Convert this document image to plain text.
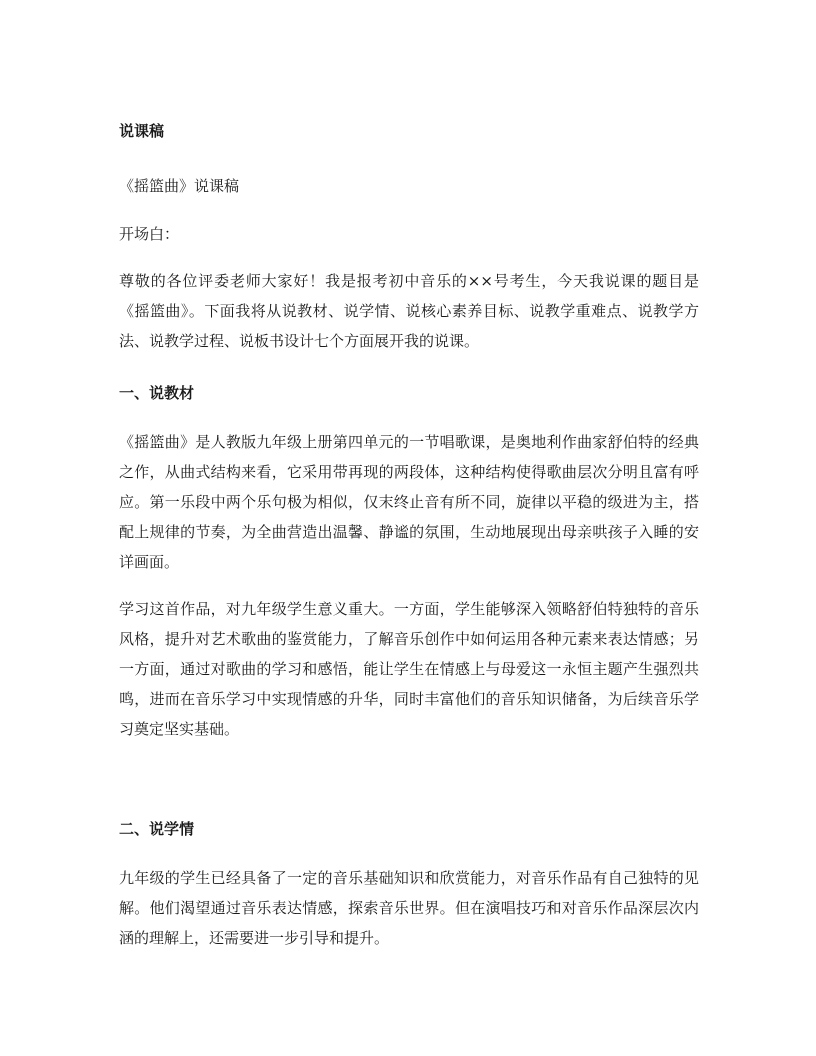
说课稿

《摇篮曲》说课稿

开场白：

尊敬的各位评委老师大家好！我是报考初中音乐的××号考生，今天我说课的题目是《摇篮曲》。下面我将从说教材、说学情、说核心素养目标、说教学重难点、说教学方法、说教学过程、说板书设计七个方面展开我的说课。

一、说教材

《摇篮曲》是人教版九年级上册第四单元的一节唱歌课，是奥地利作曲家舒伯特的经典之作，从曲式结构来看，它采用带再现的两段体，这种结构使得歌曲层次分明且富有呼应。第一乐段中两个乐句极为相似，仅末终止音有所不同，旋律以平稳的级进为主，搭配上规律的节奏，为全曲营造出温馨、静谧的氛围，生动地展现出母亲哄孩子入睡的安详画面。

学习这首作品，对九年级学生意义重大。一方面，学生能够深入领略舒伯特独特的音乐风格，提升对艺术歌曲的鉴赏能力，了解音乐创作中如何运用各种元素来表达情感；另一方面，通过对歌曲的学习和感悟，能让学生在情感上与母爱这一永恒主题产生强烈共鸣，进而在音乐学习中实现情感的升华，同时丰富他们的音乐知识储备，为后续音乐学习奠定坚实基础。

二、说学情

九年级的学生已经具备了一定的音乐基础知识和欣赏能力，对音乐作品有自己独特的见解。他们渴望通过音乐表达情感，探索音乐世界。但在演唱技巧和对音乐作品深层次内涵的理解上，还需要进一步引导和提升。
